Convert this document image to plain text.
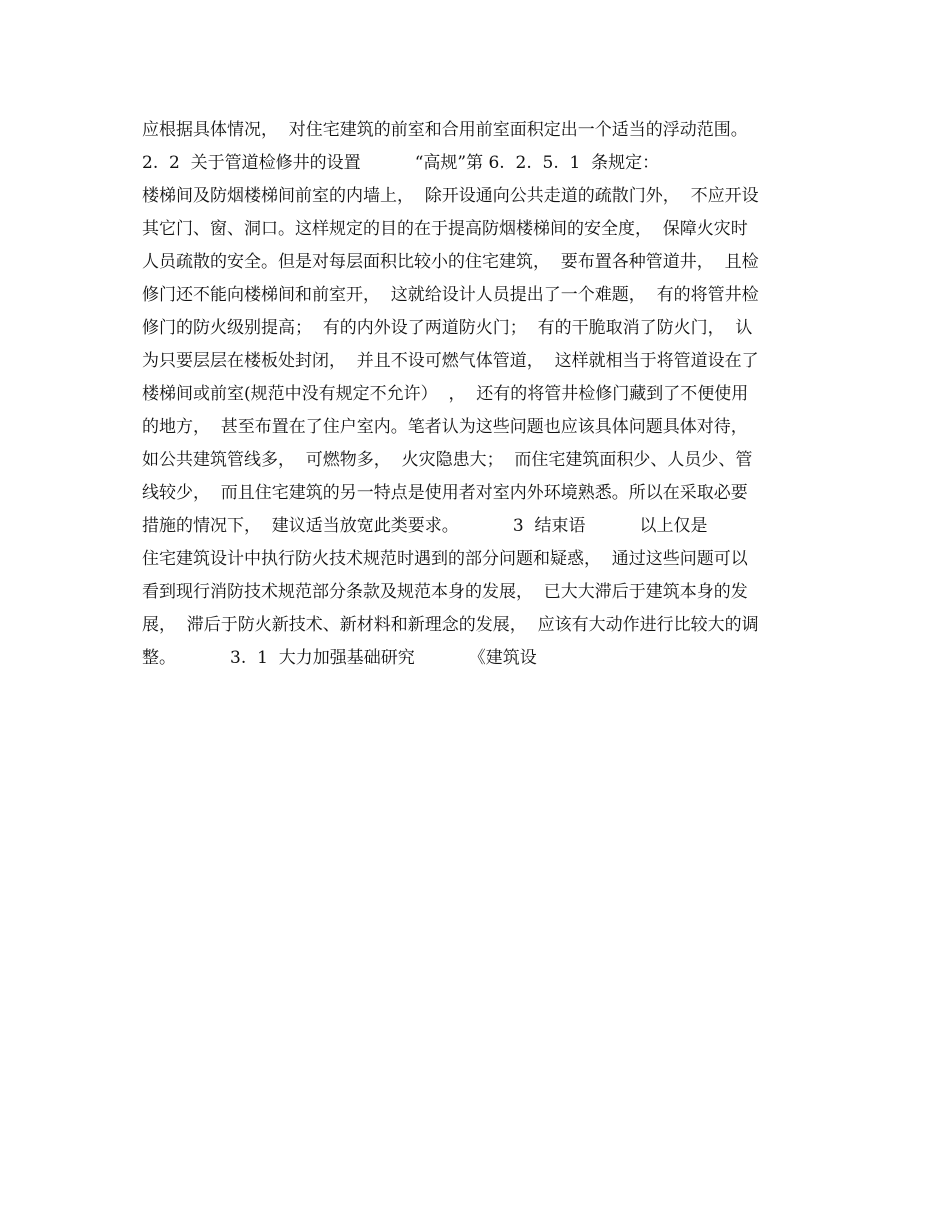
应根据具体情况，  对住宅建筑的前室和合用前室面积定出一个适当的浮动范围。
2.  2  关于管道检修井的设置          “高规”第 6.  2.  5.  1  条规定：
楼梯间及防烟楼梯间前室的内墙上，  除开设通向公共走道的疏散门外，  不应开设
其它门、窗、洞口。这样规定的目的在于提高防烟楼梯间的安全度，  保障火灾时
人员疏散的安全。但是对每层面积比较小的住宅建筑，  要布置各种管道井，  且检
修门还不能向楼梯间和前室开，  这就给设计人员提出了一个难题，  有的将管井检
修门的防火级别提高；  有的内外设了两道防火门；  有的干脆取消了防火门，  认
为只要层层在楼板处封闭，  并且不设可燃气体管道，  这样就相当于将管道设在了
楼梯间或前室(规范中没有规定不允许）  ，  还有的将管井检修门藏到了不便使用
的地方，  甚至布置在了住户室内。笔者认为这些问题也应该具体问题具体对待，
如公共建筑管线多，  可燃物多，  火灾隐患大；  而住宅建筑面积少、人员少、管
线较少，  而且住宅建筑的另一特点是使用者对室内外环境熟悉。所以在采取必要
措施的情况下，  建议适当放宽此类要求。          3  结束语          以上仅是
住宅建筑设计中执行防火技术规范时遇到的部分问题和疑惑，  通过这些问题可以
看到现行消防技术规范部分条款及规范本身的发展，  已大大滞后于建筑本身的发
展，  滞后于防火新技术、新材料和新理念的发展，  应该有大动作进行比较大的调
整。          3.  1  大力加强基础研究          《建筑设
